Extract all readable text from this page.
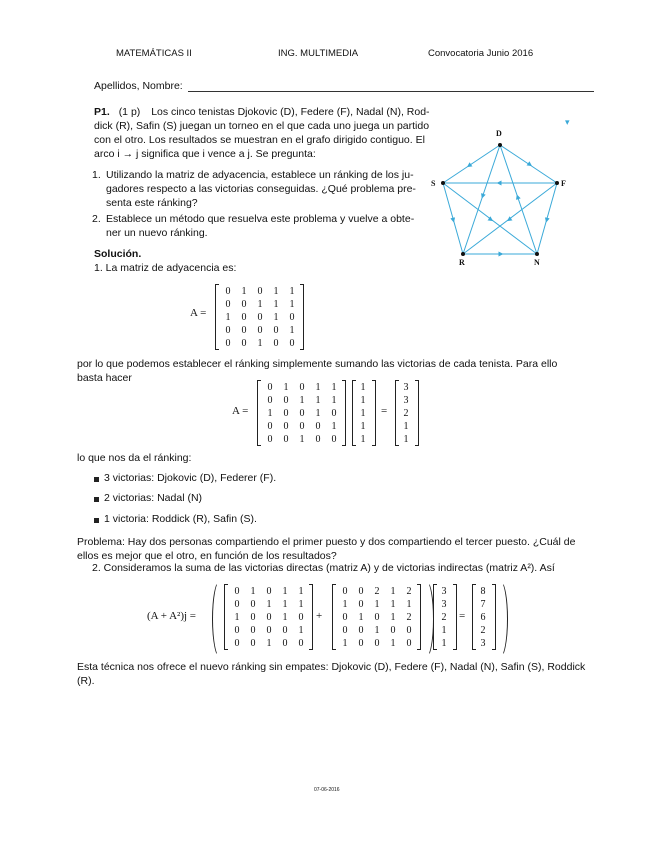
MATEMÁTICAS II	ING. MULTIMEDIA	Convocatoria Junio 2016
Apellidos, Nombre:
P1. (1 p) Los cinco tenistas Djokovic (D), Federe (F), Nadal (N), Rod-
dick (R), Safin (S) juegan un torneo en el que cada uno juega un partido
con el otro. Los resultados se muestran en el grafo dirigido contiguo. El
arco i → j significa que i vence a j. Se pregunta:
1. Utilizando la matriz de adyacencia, establece un ránking de los ju-
gadores respecto a las victorias conseguidas. ¿Qué problema pre-
senta este ránking?
2. Establece un método que resuelva este problema y vuelve a obte-
ner un nuevo ránking.
D
F
N
R
S
▾
Solución.
1. La matriz de adyacencia es:
A =
0	1	0	1	1
0	0	1	1	1
1	0	0	1	0
0	0	0	0	1
0	0	1	0	0
por lo que podemos establecer el ránking simplemente sumando las victorias de cada tenista. Para ello
basta hacer
A =
0	1	0	1	1
0	0	1	1	1
1	0	0	1	0
0	0	0	0	1
0	0	1	0	0
1
1
1
1
1
=
3
3
2
1
1
lo que nos da el ránking:
3 victorias: Djokovic (D), Federer (F).
2 victorias: Nadal (N)
1 victoria: Roddick (R), Safin (S).
Problema: Hay dos personas compartiendo el primer puesto y dos compartiendo el tercer puesto. ¿Cuál de
ellos es mejor que el otro, en función de los resultados?
2. Consideramos la suma de las victorias directas (matriz A) y de victorias indirectas (matriz A²). Así
(A + A²)j =
0	1	0	1	1
0	0	1	1	1
1	0	0	1	0
0	0	0	0	1
0	0	1	0	0
+
0	0	2	1	2
1	0	1	1	1
0	1	0	1	2
0	0	1	0	0
1	0	0	1	0
3
3
2
1
1
=
8
7
6
2
3
Esta técnica nos ofrece el nuevo ránking sin empates: Djokovic (D), Federe (F), Nadal (N), Safin (S), Roddick
(R).
07-06-2016
